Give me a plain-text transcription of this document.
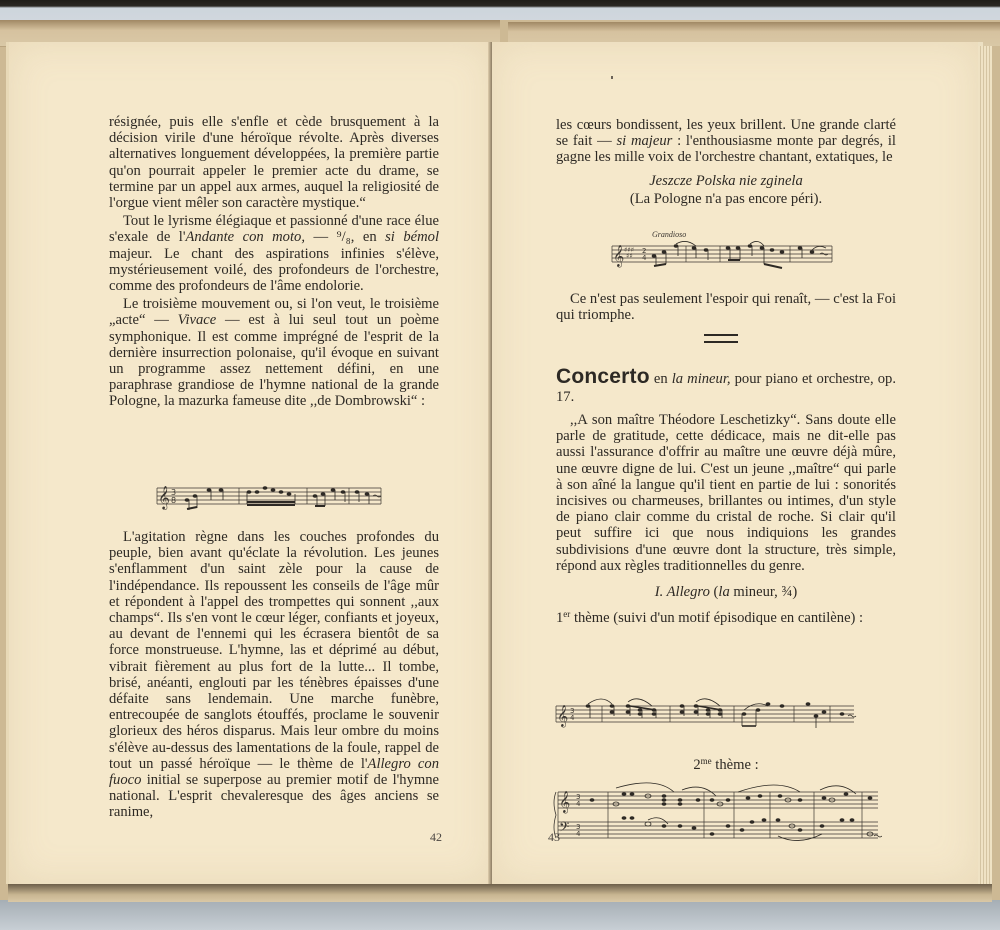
résignée, puis elle s'enfle et cède brusquement à la décision virile d'une héroïque révolte. Après diverses alternatives longuement développées, la première partie qu'on pourrait appeler le premier acte du drame, se termine par un appel aux armes, auquel la religiosité de l'orgue vient mêler son caractère mystique.“

Tout le lyrisme élégiaque et passionné d'une race élue s'exale de l'Andante con moto, — ⁹/₈, en si bémol majeur. Le chant des aspirations infinies s'élève, mystérieusement voilé, des profondeurs de l'orchestre, comme des profondeurs de l'âme endolorie.

Le troisième mouvement ou, si l'on veut, le troisième „acte“ — Vivace — est à lui seul tout un poème symphonique. Il est comme imprégné de l'esprit de la dernière insurrection polonaise, qu'il évoque en suivant un programme assez nettement défini, en une paraphrase grandiose de l'hymne national de la grande Pologne, la mazurka fameuse dite ,,de Dombrowski“ :

𝄞 3
8

L'agitation règne dans les couches profondes du peuple, bien avant qu'éclate la révolution. Les jeunes s'enflamment d'un saint zèle pour la cause de l'indépendance. Ils repoussent les conseils de l'âge mûr et répondent à l'appel des trompettes qui sonnent ,,aux champs“. Ils s'en vont le cœur léger, confiants et joyeux, au devant de l'ennemi qui les écrasera bientôt de sa force monstrueuse. L'hymne, las et déprimé au début, vibrait fièrement au plus fort de la lutte... Il tombe, brisé, anéanti, englouti par les ténèbres épaisses d'une défaite sans lendemain. Une marche funèbre, entrecoupée de sanglots étouffés, proclame le souvenir glorieux des héros disparus. Mais leur ombre du moins s'élève au-dessus des lamentations de la foule, rappel de tout un passé héroïque — le thème de l'Allegro con fuoco initial se superpose au premier motif de l'hymne national. L'esprit chevaleresque des âges anciens se ranime,

42

les cœurs bondissent, les yeux brillent. Une grande clarté se fait — si majeur : l'enthousiasme monte par degrés, il gagne les mille voix de l'orchestre chantant, extatiques, le

Jeszcze Polska nie zginela

(La Pologne n'a pas encore péri).

Grandioso
𝄞 ♯♯♯
♯♯
2
4

Ce n'est pas seulement l'espoir qui renaît, — c'est la Foi qui triomphe.

Concerto en la mineur, pour piano et orchestre, op. 17.

,,A son maître Théodore Leschetizky“. Sans doute elle parle de gratitude, cette dédicace, mais ne dit-elle pas aussi l'assurance d'offrir au maître une œuvre déjà mûre, une œuvre digne de lui. C'est un jeune ,,maître“ qui parle à son aîné la langue qu'il tient en partie de lui : sonorités incisives ou charmeuses, brillantes ou intimes, d'un style de piano clair comme du cristal de roche. Si clair qu'il peut suffire ici que nous indiquions les grandes subdivisions d'une œuvre dont la structure, très simple, répond aux règles traditionnelles du genre.

I. Allegro (la mineur, ¾)

1er thème (suivi d'un motif épisodique en cantilène) :

𝄞 3
4

$2^{me}$ thème :

𝄞
𝄢
3
4
3
4
43
